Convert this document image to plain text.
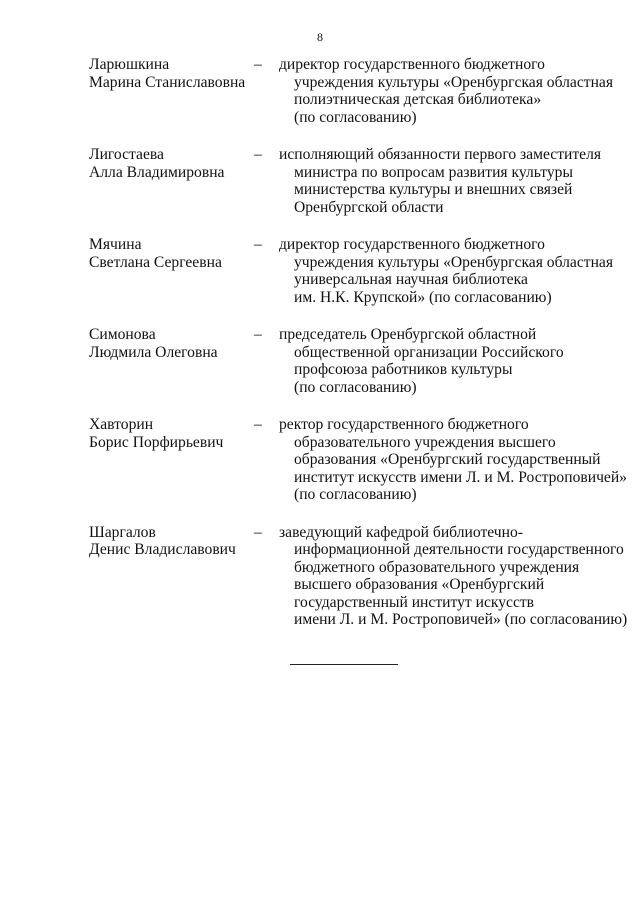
8
Ларюшкина
Марина Станиславовна
–	директор государственного бюджетного
учреждения культуры «Оренбургская областная
полиэтническая детская библиотека»
(по согласованию)
Лигостаева
Алла Владимировна
–	исполняющий обязанности первого заместителя
министра по вопросам развития культуры
министерства культуры и внешних связей
Оренбургской области
Мячина
Светлана Сергеевна
–	директор государственного бюджетного
учреждения культуры «Оренбургская областная
универсальная научная библиотека
им. Н.К. Крупской» (по согласованию)
Симонова
Людмила Олеговна
–	председатель Оренбургской областной
общественной организации Российского
профсоюза работников культуры
(по согласованию)
Хавторин
Борис Порфирьевич
–	ректор государственного бюджетного
образовательного учреждения высшего
образования «Оренбургский государственный
институт искусств имени Л. и М. Ростроповичей»
(по согласованию)
Шаргалов
Денис Владиславович
–	заведующий кафедрой библиотечно-
информационной деятельности государственного
бюджетного образовательного учреждения
высшего образования «Оренбургский
государственный институт искусств
имени Л. и М. Ростроповичей» (по согласованию)
